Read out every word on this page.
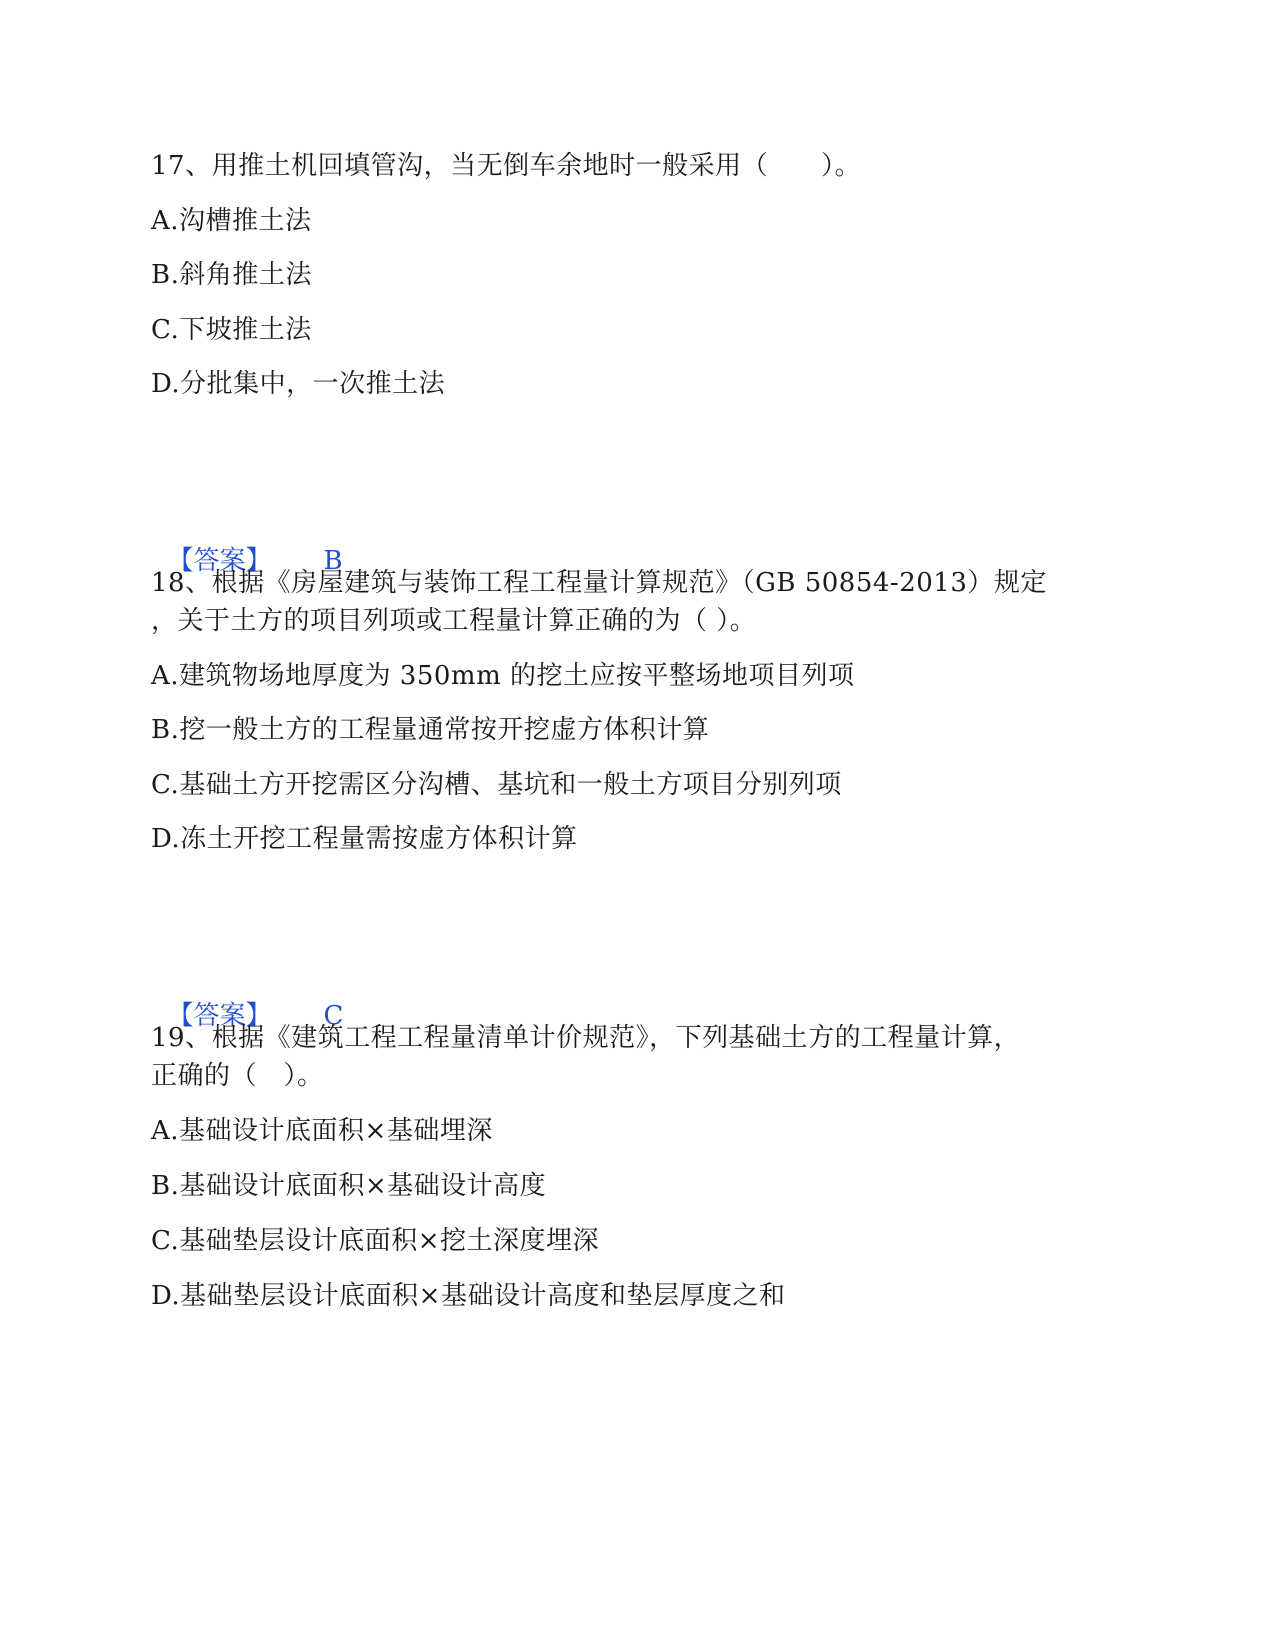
17、用推土机回填管沟，当无倒车余地时一般采用（　　）。
A.沟槽推土法
B.斜角推土法
C.下坡推土法
D.分批集中，一次推土法

【答案】 B

18、根据《房屋建筑与装饰工程工程量计算规范》（GB 50854-2013）规定
，关于土方的项目列项或工程量计算正确的为（ ）。
A.建筑物场地厚度为 350mm 的挖土应按平整场地项目列项
B.挖一般土方的工程量通常按开挖虚方体积计算
C.基础土方开挖需区分沟槽、基坑和一般土方项目分别列项
D.冻土开挖工程量需按虚方体积计算

【答案】 C

19、根据《建筑工程工程量清单计价规范》，下列基础土方的工程量计算，
正确的（　）。
A.基础设计底面积×基础埋深
B.基础设计底面积×基础设计高度
C.基础垫层设计底面积×挖土深度埋深
D.基础垫层设计底面积×基础设计高度和垫层厚度之和
